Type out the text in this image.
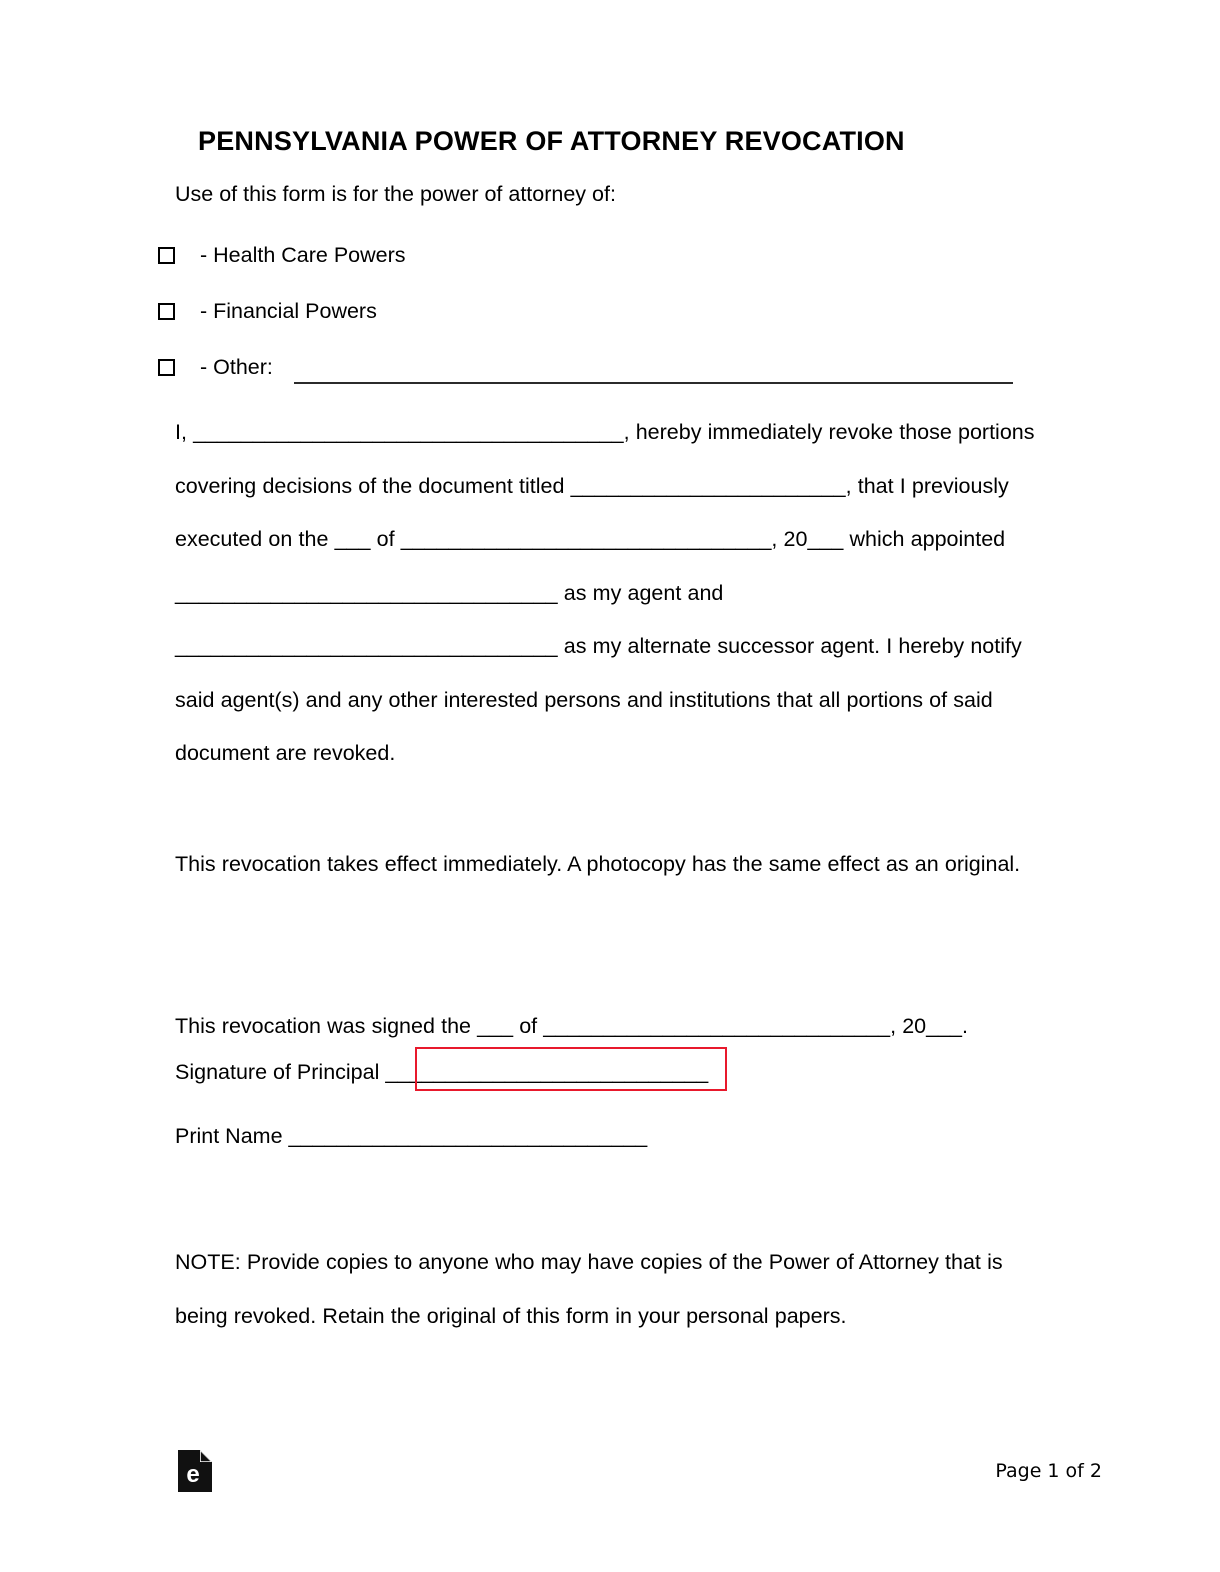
PENNSYLVANIA POWER OF ATTORNEY REVOCATION
Use of this form is for the power of attorney of:
- Health Care Powers
- Financial Powers
- Other:
I, ____________________________________, hereby immediately revoke those portions covering decisions of the document titled _______________________, that I previously executed on the ___ of _______________________________, 20___ which appointed ________________________________ as my agent and ________________________________ as my alternate successor agent. I hereby notify said agent(s) and any other interested persons and institutions that all portions of said document are revoked.
This revocation takes effect immediately. A photocopy has the same effect as an original.
This revocation was signed the ___ of _____________________________, 20___.
Signature of Principal ___________________________
Print Name ______________________________
NOTE: Provide copies to anyone who may have copies of the Power of Attorney that is being revoked. Retain the original of this form in your personal papers.
e	Page 1 of 2
